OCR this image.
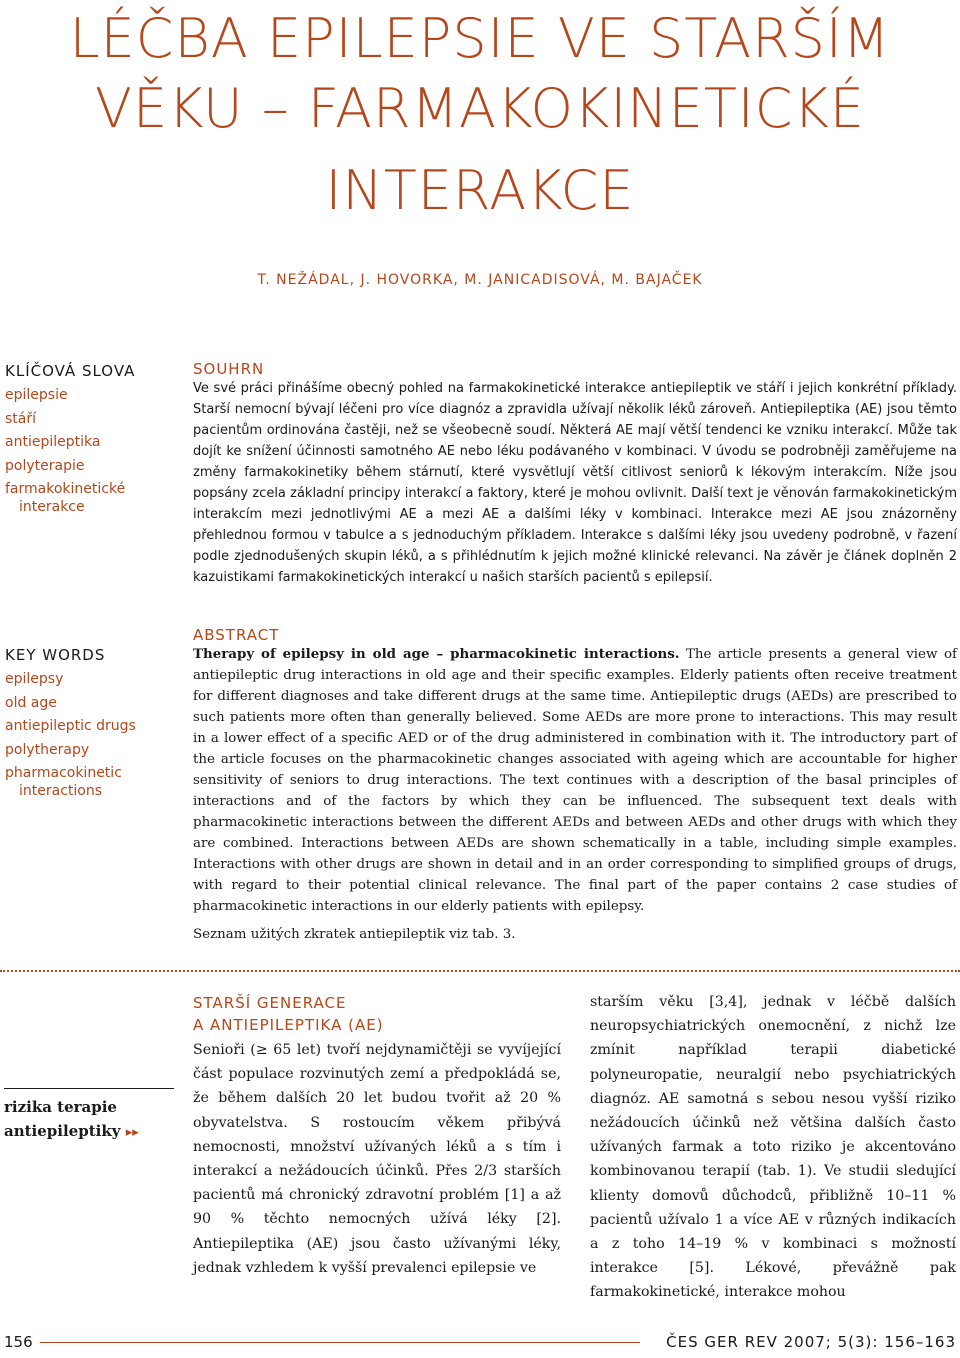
LÉČBA EPILEPSIE VE STARŠÍM
VĚKU – FARMAKOKINETICKÉ
INTERAKCE
T. NEŽÁDAL, J. HOVORKA, M. JANICADISOVÁ, M. BAJAČEK
KLÍČOVÁ SLOVA
epilepsie
stáří
antiepileptika
polyterapie
farmakokinetické
interakce
KEY WORDS
epilepsy
old age
antiepileptic drugs
polytherapy
pharmacokinetic
interactions
SOUHRN

Ve své práci přinášíme obecný pohled na farmakokinetické interakce antiepileptik ve stáří i jejich konkrétní příklady. Starší nemocní bývají léčeni pro více diagnóz a zpravidla užívají několik léků zároveň. Antiepileptika (AE) jsou těmto pacientům ordinována častěji, než se všeobecně soudí. Některá AE mají větší tendenci ke vzniku interakcí. Může tak dojít ke snížení účinnosti samotného AE nebo léku podávaného v kombinaci. V úvodu se podrobněji zaměřujeme na změny farmakokinetiky během stárnutí, které vysvětlují větší citlivost seniorů k lékovým interakcím. Níže jsou popsány zcela základní principy interakcí a faktory, které je mohou ovlivnit. Další text je věnován farmakokinetickým interakcím mezi jednotlivými AE a mezi AE a dalšími léky v kombinaci. Interakce mezi AE jsou znázorněny přehlednou formou v tabulce a s jednoduchým příkladem. Interakce s dalšími léky jsou uvedeny podrobně, v řazení podle zjednodušených skupin léků, a s přihlédnutím k jejich možné klinické relevanci. Na závěr je článek doplněn 2 kazuistikami farmakokinetických interakcí u našich starších pacientů s epilepsií.

ABSTRACT

Therapy of epilepsy in old age – pharmacokinetic interactions. The article presents a general view of antiepileptic drug interactions in old age and their specific examples. Elderly patients often receive treatment for different diagnoses and take different drugs at the same time. Antiepileptic drugs (AEDs) are prescribed to such patients more often than generally believed. Some AEDs are more prone to interactions. This may result in a lower effect of a specific AED or of the drug administered in combination with it. The introductory part of the article focuses on the pharmacokinetic changes associated with ageing which are accountable for higher sensitivity of seniors to drug interactions. The text continues with a description of the basal principles of interactions and of the factors by which they can be influenced. The subsequent text deals with pharmacokinetic interactions between the different AEDs and between AEDs and other drugs with which they are combined. Interactions between AEDs are shown schematically in a table, including simple examples. Interactions with other drugs are shown in detail and in an order corresponding to simplified groups of drugs, with regard to their potential clinical relevance. The final part of the paper contains 2 case studies of pharmacokinetic interactions in our elderly patients with epilepsy.

Seznam užitých zkratek antiepileptik viz tab. 3.
rizika terapie
antiepileptiky ▸▸
STARŠÍ GENERACE
A ANTIEPILEPTIKA (AE)

Senioři (≥ 65 let) tvoří nejdynamičtěji se vyvíjející část populace rozvinutých zemí a předpokládá se, že během dalších 20 let budou tvořit až 20 % obyvatelstva. S rostoucím věkem přibývá nemocnosti, množství užívaných léků a s tím i interakcí a nežádoucích účinků. Přes 2/3 starších pacientů má chronický zdravotní problém [1] a až 90 % těchto nemocných užívá léky [2]. Antiepileptika (AE) jsou často užívanými léky, jednak vzhledem k vyšší prevalenci epilepsie ve

starším věku [3,4], jednak v léčbě dalších neuropsychiatrických onemocnění, z nichž lze zmínit například terapii diabetické polyneuropatie, neuralgií nebo psychiatrických diagnóz. AE samotná s sebou nesou vyšší riziko nežádoucích účinků než většina dalších často užívaných farmak a toto riziko je akcentováno kombinovanou terapií (tab. 1). Ve studii sledující klienty domovů důchodců, přibližně 10–11 % pacientů užívalo 1 a více AE v různých indikacích a z toho 14–19 % v kombinaci s možností interakce [5]. Lékové, převážně pak farmakokinetické, interakce mohou

156	ČES GER REV 2007; 5(3): 156–163
